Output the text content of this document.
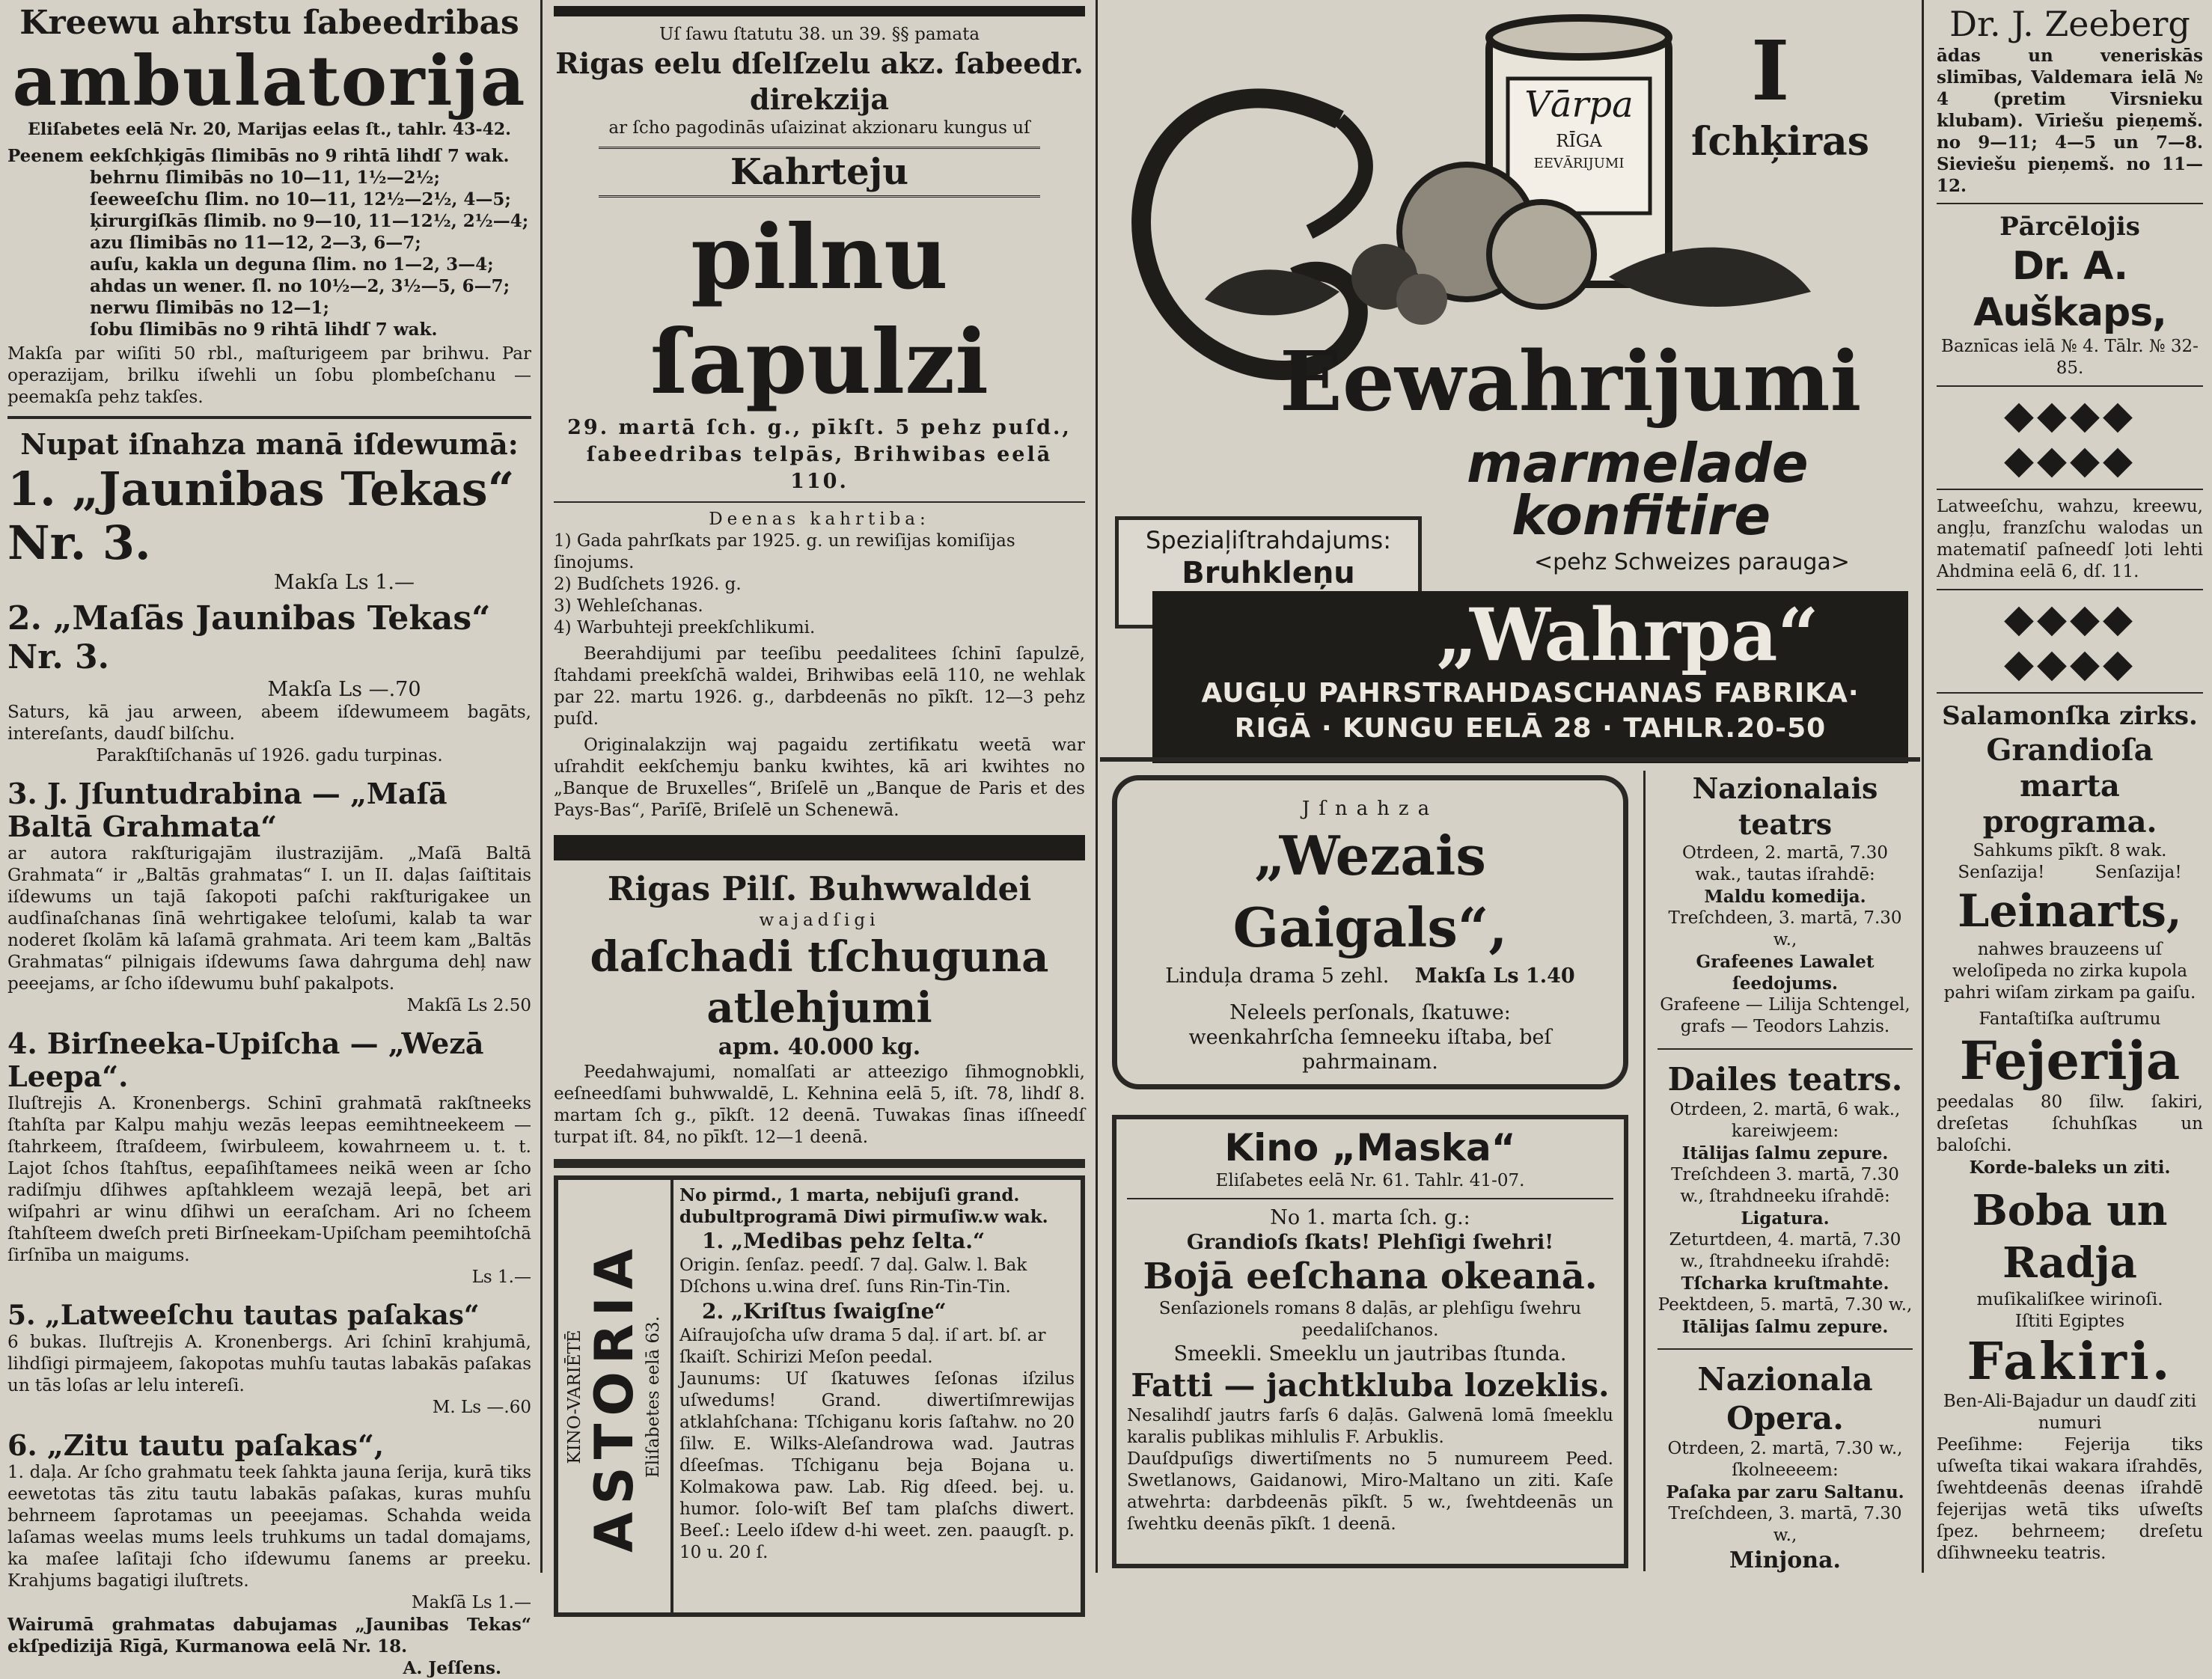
Kreewu ahrstu ſabeedribas

ambulatorija

Eliſabetes eelā Nr. 20, Marijas eelas ſt., tahlr. 43-42.

Peenem eekſchķigās ſlimibās no 9 rihtā lihdſ 7 wak.

behrnu ſlimibās no 10—11, 1½—2½;

ſeeweeſchu ſlim. no 10—11, 12½—2½, 4—5;

ķirurgiſkās ſlimib. no 9—10, 11—12½, 2½—4;

azu ſlimibās no 11—12, 2—3, 6—7;

auſu, kakla un deguna ſlim. no 1—2, 3—4;

ahdas un wener. ſl. no 10½—2, 3½—5, 6—7;

nerwu ſlimibās no 12—1;

ſobu ſlimibās no 9 rihtā lihdſ 7 wak.

Makſa par wiſiti 50 rbl., maſturigeem par brihwu. Par operazijam, brilku iſwehli un ſobu plombeſchanu — peemakſa pehz takſes.

Nupat iſnahza manā iſdewumā:

1. „Jaunibas Tekas“ Nr. 3.

Makſa Ls 1.—

2. „Maſās Jaunibas Tekas“ Nr. 3.

Makſa Ls —.70

Saturs, kā jau arween, abeem iſdewumeem bagāts, intereſants, daudſ bilſchu.

Parakſtiſchanās uſ 1926. gadu turpinas.

3. J. Jſuntudrabina — „Maſā Baltā Grahmata“

ar autora rakſturigajām ilustrazijām. „Maſā Baltā Grahmata“ ir „Baltās grahmatas“ I. un II. daļas ſaiſtitais iſdewums un tajā ſakopoti paſchi rakſturigakee un audſinaſchanas ſinā wehrtigakee teloſumi, kalab ta war noderet ſkolām kā laſamā grahmata. Ari teem kam „Baltās Grahmatas“ pilnigais iſdewums ſawa dahrguma dehļ naw peeejams, ar ſcho iſdewumu buhſ pakalpots.

Makſā Ls 2.50

4. Birſneeka-Upiſcha — „Wezā Leepa“.

Iluſtrejis A. Kronenbergs. Schinī grahmatā rakſtneeks ſtahſta par Kalpu mahju wezās leepas eemihtneekeem — ſtahrkeem, ſtraſdeem, ſwirbuleem, kowahrneem u. t. t. Lajot ſchos ſtahſtus, eepaſihſtamees neikā ween ar ſcho radiſmju dſihwes apſtahkleem wezajā leepā, bet ari wiſpahri ar winu dſihwi un eeraſcham. Ari no ſcheem ſtahſteem dweſch preti Birſneekam-Upiſcham peemihtoſchā ſirſnība un maigums.

Ls 1.—

5. „Latweeſchu tautas paſakas“

6 bukas. Iluſtrejis A. Kronenbergs. Ari ſchinī krahjumā, lihdſigi pirmajeem, ſakopotas muhſu tautas labakās paſakas un tās loſas ar lelu intereſi.

M. Ls —.60

6. „Zitu tautu paſakas“,

1. daļa. Ar ſcho grahmatu teek ſahkta jauna ſerija, kurā tiks eewetotas tās zitu tautu labakās paſakas, kuras muhſu behrneem ſaprotamas un peeejamas. Schahda weida laſamas weelas mums leels truhkums un tadal domajams, ka maſee laſitaji ſcho iſdewumu ſanems ar preeku. Krahjums bagatigi iluſtrets.

Makſā Ls 1.—

Wairumā grahmatas dabujamas „Jaunibas Tekas“ ekſpedizijā Rīgā, Kurmanowa eelā Nr. 18.

A. Jeſſens.

Uſ ſawu ſtatutu 38. un 39. §§ pamata

Rigas eelu dſelſzelu akz. ſabeedr. direkzija

ar ſcho pagodinās uſaizinat akzionaru kungus uſ

Kahrteju

pilnu ſapulzi

29. martā ſch. g., pīkſt. 5 pehz puſd., ſabeedribas telpās, Brihwibas eelā 110.

Deenas kahrtiba:

1) Gada pahrſkats par 1925. g. un rewiſijas komiſijas ſinojums.

2) Budſchets 1926. g.

3) Wehleſchanas.

4) Warbuhteji preekſchlikumi.

Beerahdijumi par teeſibu peedalitees ſchinī ſapulzē, ſtahdami preekſchā waldei, Brihwibas eelā 110, ne wehlak par 22. martu 1926. g., darbdeenās no pīkſt. 12—3 pehz puſd.

Originalakzijn waj pagaidu zertifikatu weetā war uſrahdit eekſchemju banku kwihtes, kā ari kwihtes no „Banque de Bruxelles“, Briſelē un „Banque de Paris et des Pays-Bas“, Parīſē, Briſelē un Schenewā.

Rigas Pilſ. Buhwwaldei

wajadſigi

daſchadi tſchuguna atlehjumi

apm. 40.000 kg.

Peedahwajumi, nomalſati ar atteezigo ſihmognobkli, eeſneedſami buhwwaldē, L. Kehnina eelā 5, iſt. 78, lihdſ 8. martam ſch g., pīkſt. 12 deenā. Tuwakas ſinas iſſneedſ turpat iſt. 84, no pīkſt. 12—1 deenā.

KINO-VARIĒTĒ ASTORIA

Eliſabetes eelā 63.

No pirmd., 1 marta, nebijuſi grand. dubultprogramā Diwi pirmuſiw.w wak.

1. „Medibas pehz ſelta.“

Origin. ſenſaz. peedſ. 7 daļ. Galw. l. Bak Dſchons u.wina dreſ. ſuns Rin-Tin-Tin.

2. „Kriſtus ſwaigſne“

Aiſraujoſcha uſw drama 5 daļ. iſ art. bſ. ar ſkaiſt. Schirizi Meſon peedal.

Jaunums: Uſ ſkatuwes ſeſonas iſzilus uſwedums! Grand. diwertiſmrewijas atklahſchana: Tſchiganu koris ſaſtahw. no 20 ſilw. E. Wilks-Aleſandrowa wad. Jautras dſeeſmas. Tſchiganu beja Bojana u. Kolmakowa paw. Lab. Rig dſeed. bej. u. humor. ſolo-wiſt Beſ tam plaſchs diwert. Beeſ.: Leelo iſdew d-hi weet. zen. paaugſt. p. 10 u. 20 ſ.

Vārpa

RĪGA

EEVĀRIJUMI

I

ſchķiras

Eewahrijumi

marmelade

konfitire

<pehz Schweizes parauga>

Speziaļiſtrahdajums:

Bruhkleņu

„Wahrpa“

AUGĻU PAHRSTRAHDASCHANAS FABRIKA·

RIGĀ · KUNGU EELĀ 28 · TAHLR.20-50

Jſnahza

„Wezais Gaigals“,

Linduļa drama 5 zehl. Makſa Ls 1.40

Neleels perſonals, ſkatuwe: weenkahrſcha ſemneeku iſtaba, beſ pahrmainam.

Kino „Maska“

Eliſabetes eelā Nr. 61. Tahlr. 41-07.

No 1. marta ſch. g.:

Grandioſs ſkats! Plehſigi ſwehri!

Bojā eeſchana okeanā.

Senſazionels romans 8 daļās, ar plehſigu ſwehru peedaliſchanos.

Smeekli. Smeeklu un jautribas ſtunda.

Fatti — jachtkluba lozeklis.

Nesalihdſ jautrs farſs 6 daļās. Galwenā lomā ſmeeklu karalis publikas mihlulis F. Arbuklis.

Dauſdpuſigs diwertiſments no 5 numureem Peed. Swetlanows, Gaidanowi, Miro-Maltano un ziti. Kaſe atwehrta: darbdeenās pīkſt. 5 w., ſwehtdeenās un ſwehtku deenās pīkſt. 1 deenā.

Nazionalais teatrs

Otrdeen, 2. martā, 7.30 wak., tautas iſrahdē:

Maldu komedija.

Treſchdeen, 3. martā, 7.30 w.,

Grafeenes Lawalet ſeedojums.

Grafeene — Lilija Schtengel, grafs — Teodors Lahzis.

Dailes teatrs.

Otrdeen, 2. martā, 6 wak., kareiwjeem:

Itālijas ſalmu zepure.

Treſchdeen 3. martā, 7.30 w., ſtrahdneeku iſrahdē:

Ligatura.

Zeturtdeen, 4. martā, 7.30 w., ſtrahdneeku iſrahdē:

Tſcharka kruſtmahte.

Peektdeen, 5. martā, 7.30 w.,

Itālijas ſalmu zepure.

Nazionala Opera.

Otrdeen, 2. martā, 7.30 w., ſkolneeeem:

Paſaka par zaru Saltanu.

Treſchdeen, 3. martā, 7.30 w.,

Minjona.

Dr. J. Zeeberg

ādas un veneriskās slimības, Valdemara ielā № 4 (pretim Virsnieku klubam). Vīriešu pieņemš. no 9—11; 4—5 un 7—8. Sieviešu pieņemš. no 11—12.

Pārcēlojis

Dr. A. Auškaps,

Baznīcas ielā № 4. Tālr. № 32-85.

◆◆◆◆ ◆◆◆◆

Latweeſchu, wahzu, kreewu, angļu, franzſchu walodas un matematiſ paſneedſ ļoti lehti Ahdmina eelā 6, dſ. 11.

◆◆◆◆ ◆◆◆◆

Salamonſka zirks.

Grandioſa marta programa.

Sahkums pīkſt. 8 wak.

Senſazija! Senſazija!

Leinarts,

nahwes brauzeens uſ weloſipeda no zirka kupola pahri wiſam zirkam pa gaiſu.

Fantaſtiſka auſtrumu

Fejerija

peedalas 80 ſilw. ſakiri, dreſetas ſchuhſkas un baloſchi.

Korde-baleks un ziti.

Boba un Radja

muſikaliſkee wirinoſi.

Iſtiti Egiptes

Fakiri.

Ben-Ali-Bajadur un daudſ ziti numuri

Peeſihme: Fejerija tiks uſweſta tikai wakara iſrahdēs, ſwehtdeenās deenas iſrahdē fejerijas wetā tiks uſweſts ſpez. behrneem; dreſetu dſihwneeku teatris.
